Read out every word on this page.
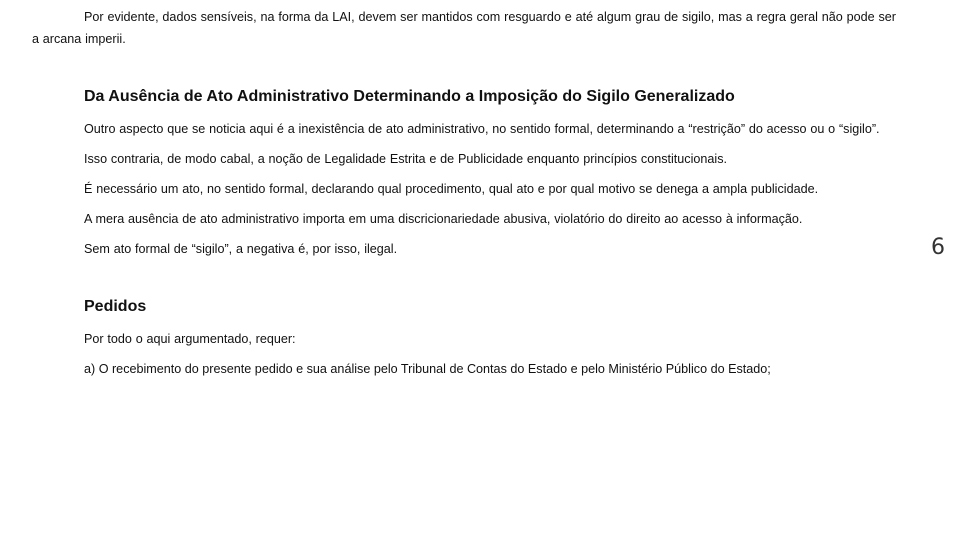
Por evidente, dados sensíveis, na forma da LAI, devem ser mantidos com resguardo e até algum grau de sigilo, mas a regra geral não pode ser a arcana imperii.

Da Ausência de Ato Administrativo Determinando a Imposição do Sigilo Generalizado

Outro aspecto que se noticia aqui é a inexistência de ato administrativo, no sentido formal, determinando a “restrição” do acesso ou o “sigilo”.

Isso contraria, de modo cabal, a noção de Legalidade Estrita e de Publicidade enquanto princípios constitucionais.

É necessário um ato, no sentido formal, declarando qual procedimento, qual ato e por qual motivo se denega a ampla publicidade.

A mera ausência de ato administrativo importa em uma discricionariedade abusiva, violatório do direito ao acesso à informação.

Sem ato formal de “sigilo”, a negativa é, por isso, ilegal.

Pedidos

Por todo o aqui argumentado, requer:

a) O recebimento do presente pedido e sua análise pelo Tribunal de Contas do Estado e pelo Ministério Público do Estado;

6
